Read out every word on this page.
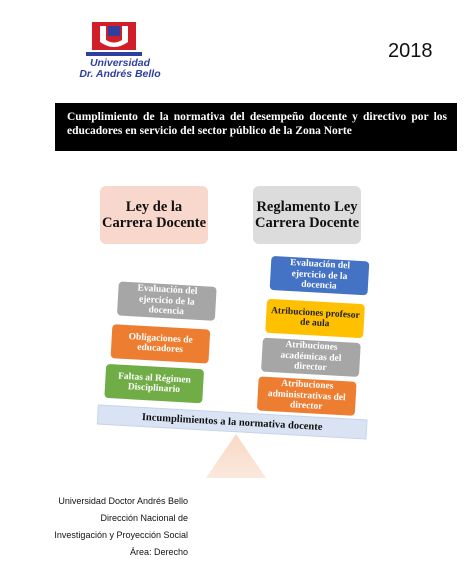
Universidad
Dr. Andrés Bello
2018
Cumplimiento de la normativa del desempeño docente y directivo por los educadores en servicio del sector público de la Zona Norte
Ley de la Carrera Docente
Reglamento Ley Carrera Docente
Evaluación del ejercicio de la docencia
Obligaciones de educadores
Faltas al Régimen Disciplinario
Evaluación del ejercicio de la docencia
Atribuciones profesor de aula
Atribuciones académicas del director
Atribuciones administrativas del director
Incumplimientos a la normativa docente
Universidad Doctor Andrés Bello
Dirección Nacional de
Investigación y Proyección Social
Área: Derecho
